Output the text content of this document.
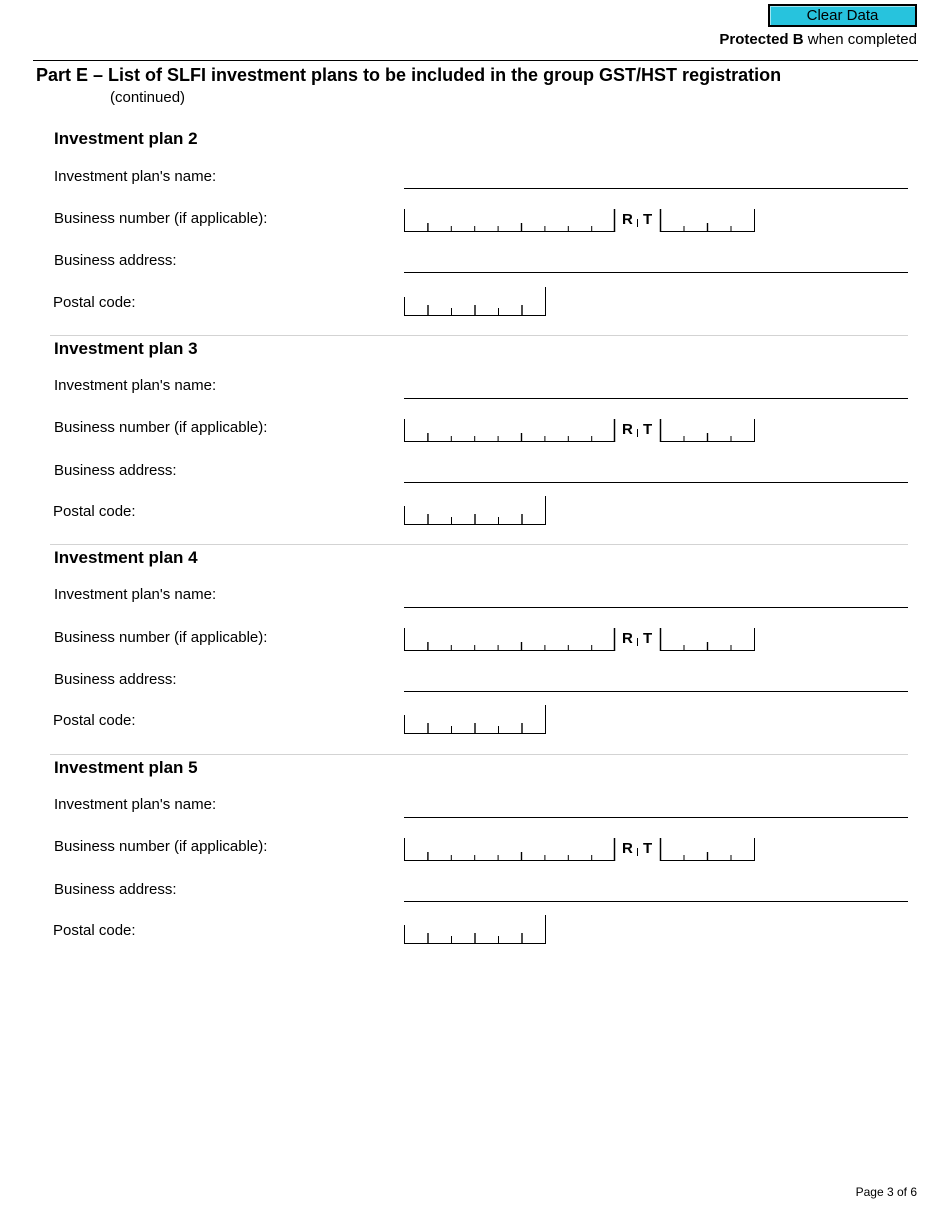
Clear Data
Protected B when completed
Part E – List of SLFI investment plans to be included in the group GST/HST registration
(continued)
Investment plan 2
Investment plan's name:
Business number (if applicable):	R T
Business address:
Postal code:
Investment plan 3
Investment plan's name:
Business number (if applicable):	R T
Business address:
Postal code:
Investment plan 4
Investment plan's name:
Business number (if applicable):	R T
Business address:
Postal code:
Investment plan 5
Investment plan's name:
Business number (if applicable):	R T
Business address:
Postal code:
Page 3 of 6
